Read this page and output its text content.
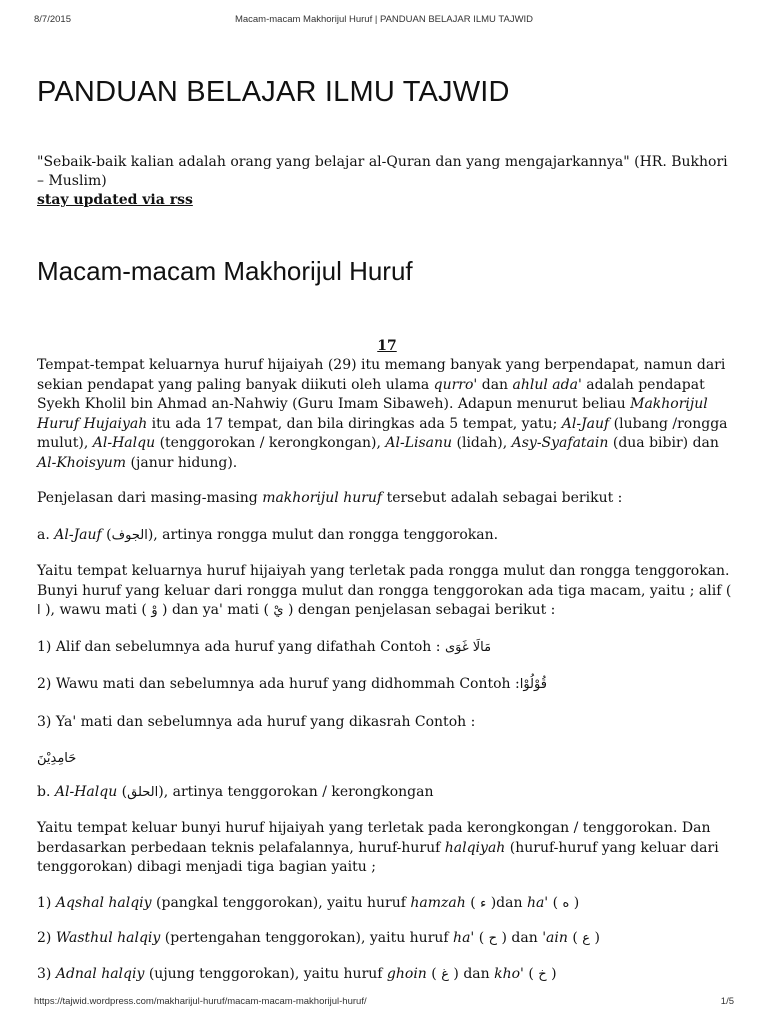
8/7/2015	Macam-macam Makhorijul Huruf | PANDUAN BELAJAR ILMU TAJWID
PANDUAN BELAJAR ILMU TAJWID

"Sebaik-baik kalian adalah orang yang belajar al-Quran dan yang mengajarkannya" (HR. Bukhori – Muslim)
stay updated via rss

Macam-macam Makhorijul Huruf
17

Tempat-tempat keluarnya huruf hijaiyah (29) itu memang banyak yang berpendapat, namun dari sekian pendapat yang paling banyak diikuti oleh ulama qurro' dan ahlul ada' adalah pendapat Syekh Kholil bin Ahmad an-Nahwiy (Guru Imam Sibaweh). Adapun menurut beliau Makhorijul Huruf Hujaiyah itu ada 17 tempat, dan bila diringkas ada 5 tempat, yatu; Al-Jauf (lubang /rongga mulut), Al-Halqu (tenggorokan / kerongkongan), Al-Lisanu (lidah), Asy-Syafatain (dua bibir) dan Al-Khoisyum (janur hidung).

Penjelasan dari masing-masing makhorijul huruf tersebut adalah sebagai berikut :

a. Al-Jauf (الجوف), artinya rongga mulut dan rongga tenggorokan.

Yaitu tempat keluarnya huruf hijaiyah yang terletak pada rongga mulut dan rongga tenggorokan. Bunyi huruf yang keluar dari rongga mulut dan rongga tenggorokan ada tiga macam, yaitu ; alif ( ا ), wawu mati ( وْ ) dan ya' mati ( يْ ) dengan penjelasan sebagai berikut :

1) Alif dan sebelumnya ada huruf yang difathah Contoh : مَالَا غَوَى

2) Wawu mati dan sebelumnya ada huruf yang didhommah Contoh :قُوْلُوْا

3) Ya' mati dan sebelumnya ada huruf yang dikasrah Contoh :

حَامِدِيْنَ

b. Al-Halqu (الحلق), artinya tenggorokan / kerongkongan

Yaitu tempat keluar bunyi huruf hijaiyah yang terletak pada kerongkongan / tenggorokan. Dan berdasarkan perbedaan teknis pelafalannya, huruf-huruf halqiyah (huruf-huruf yang keluar dari tenggorokan) dibagi menjadi tiga bagian yaitu ;

1) Aqshal halqiy (pangkal tenggorokan), yaitu huruf hamzah ( ء )dan ha' ( ه )

2) Wasthul halqiy (pertengahan tenggorokan), yaitu huruf ha' ( ح ) dan 'ain ( ع )

3) Adnal halqiy (ujung tenggorokan), yaitu huruf ghoin ( غ ) dan kho' ( خ )

https://tajwid.wordpress.com/makharijul-huruf/macam-macam-makhorijul-huruf/	1/5
